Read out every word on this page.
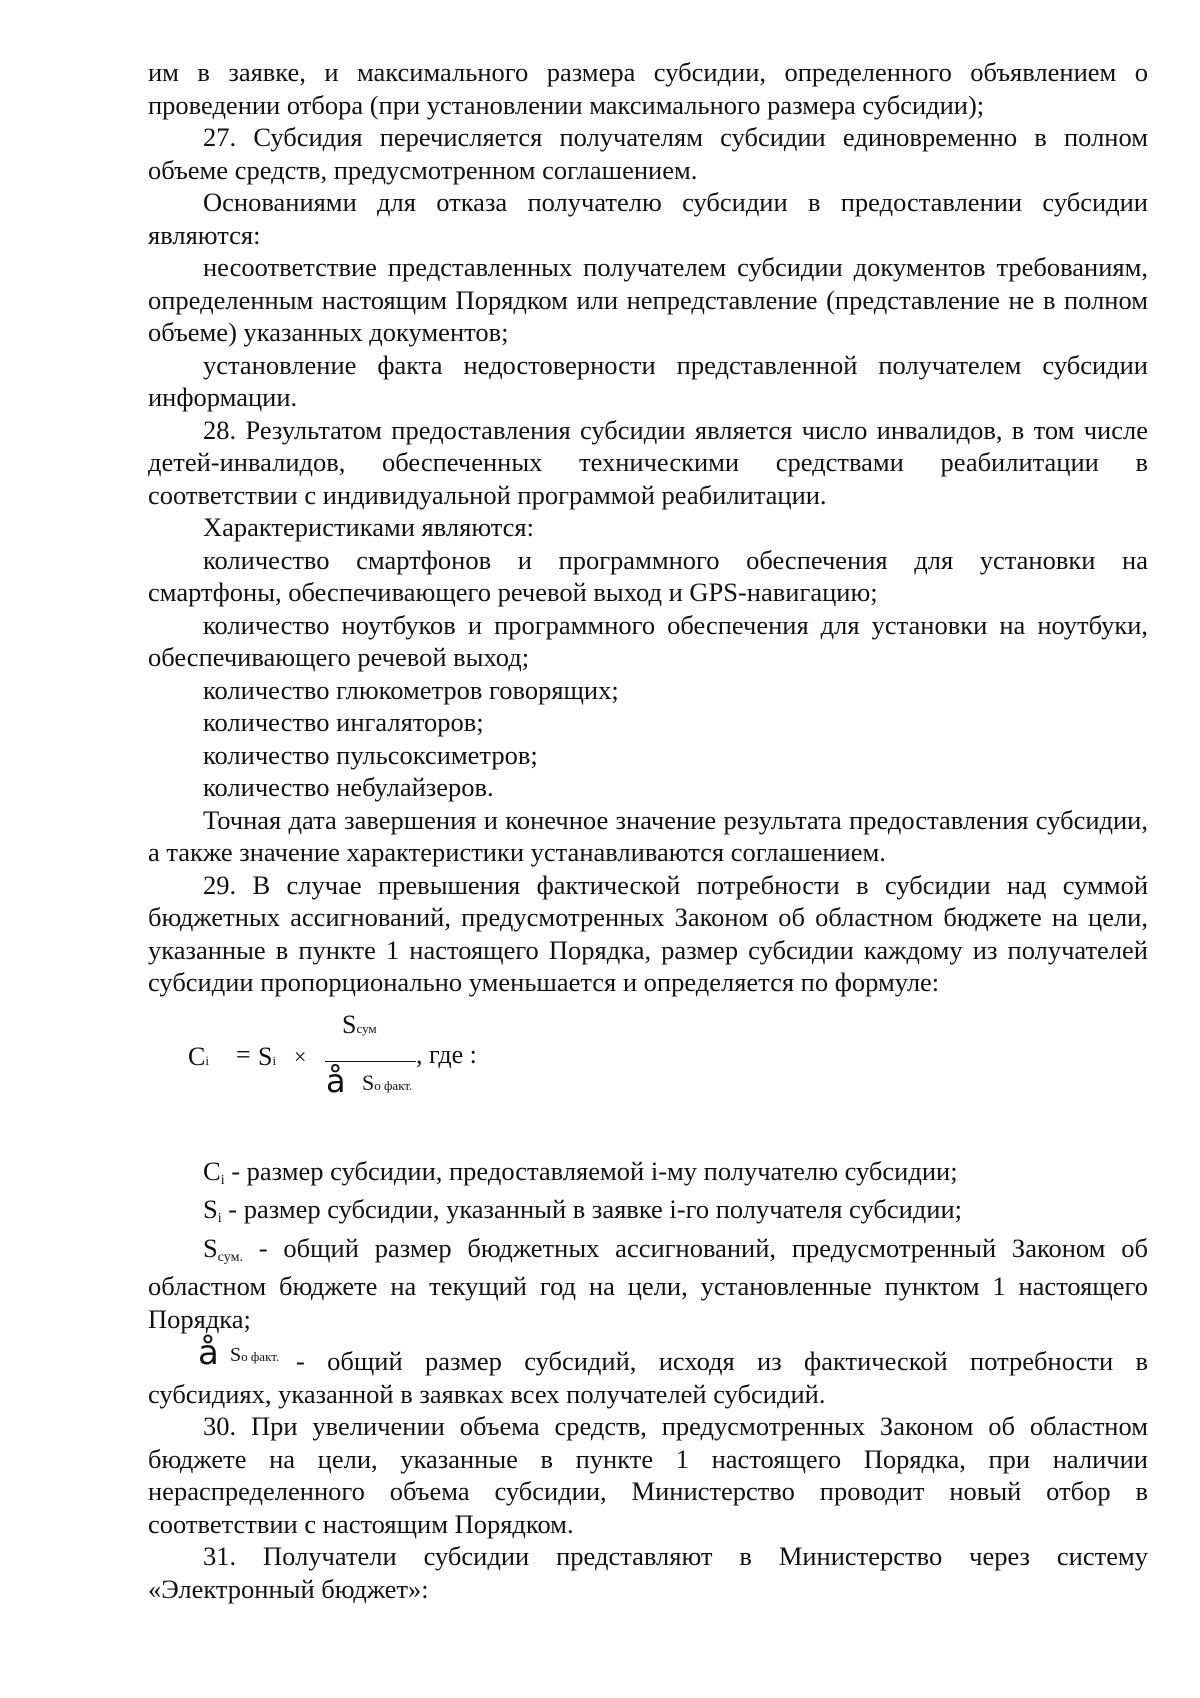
им в заявке, и максимального размера субсидии, определенного объявлением о проведении отбора (при установлении максимального размера субсидии);

27. Субсидия перечисляется получателям субсидии единовременно в полном объеме средств, предусмотренном соглашением.

Основаниями для отказа получателю субсидии в предоставлении субсидии являются:

несоответствие представленных получателем субсидии документов требованиям, определенным настоящим Порядком или непредставление (представление не в полном объеме) указанных документов;

установление факта недостоверности представленной получателем субсидии информации.

28. Результатом предоставления субсидии является число инвалидов, в том числе детей-инвалидов, обеспеченных техническими средствами реабилитации в соответствии с индивидуальной программой реабилитации.

Характеристиками являются:

количество смартфонов и программного обеспечения для установки на смартфоны, обеспечивающего речевой выход и GPS-навигацию;

количество ноутбуков и программного обеспечения для установки на ноутбуки, обеспечивающего речевой выход;

количество глюкометров говорящих;

количество ингаляторов;

количество пульсоксиметров;

количество небулайзеров.

Точная дата завершения и конечное значение результата предоставления субсидии, а также значение характеристики устанавливаются соглашением.

29. В случае превышения фактической потребности в субсидии над суммой бюджетных ассигнований, предусмотренных Законом об областном бюджете на цели, указанные в пункте 1 настоящего Порядка, размер субсидии каждому из получателей субсидии пропорционально уменьшается и определяется по формуле:

Ci = Si ×
Sсум
å Sо факт.
, где :

Ci - размер субсидии, предоставляемой i-му получателю субсидии;

Si - размер субсидии, указанный в заявке i-го получателя субсидии;

Sсум. - общий размер бюджетных ассигнований, предусмотренный Законом об областном бюджете на текущий год на цели, установленные пунктом 1 настоящего Порядка;

å Sо факт. - общий размер субсидий, исходя из фактической потребности в субсидиях, указанной в заявках всех получателей субсидий.

30. При увеличении объема средств, предусмотренных Законом об областном бюджете на цели, указанные в пункте 1 настоящего Порядка, при наличии нераспределенного объема субсидии, Министерство проводит новый отбор в соответствии с настоящим Порядком.

31. Получатели субсидии представляют в Министерство через систему «Электронный бюджет»:
